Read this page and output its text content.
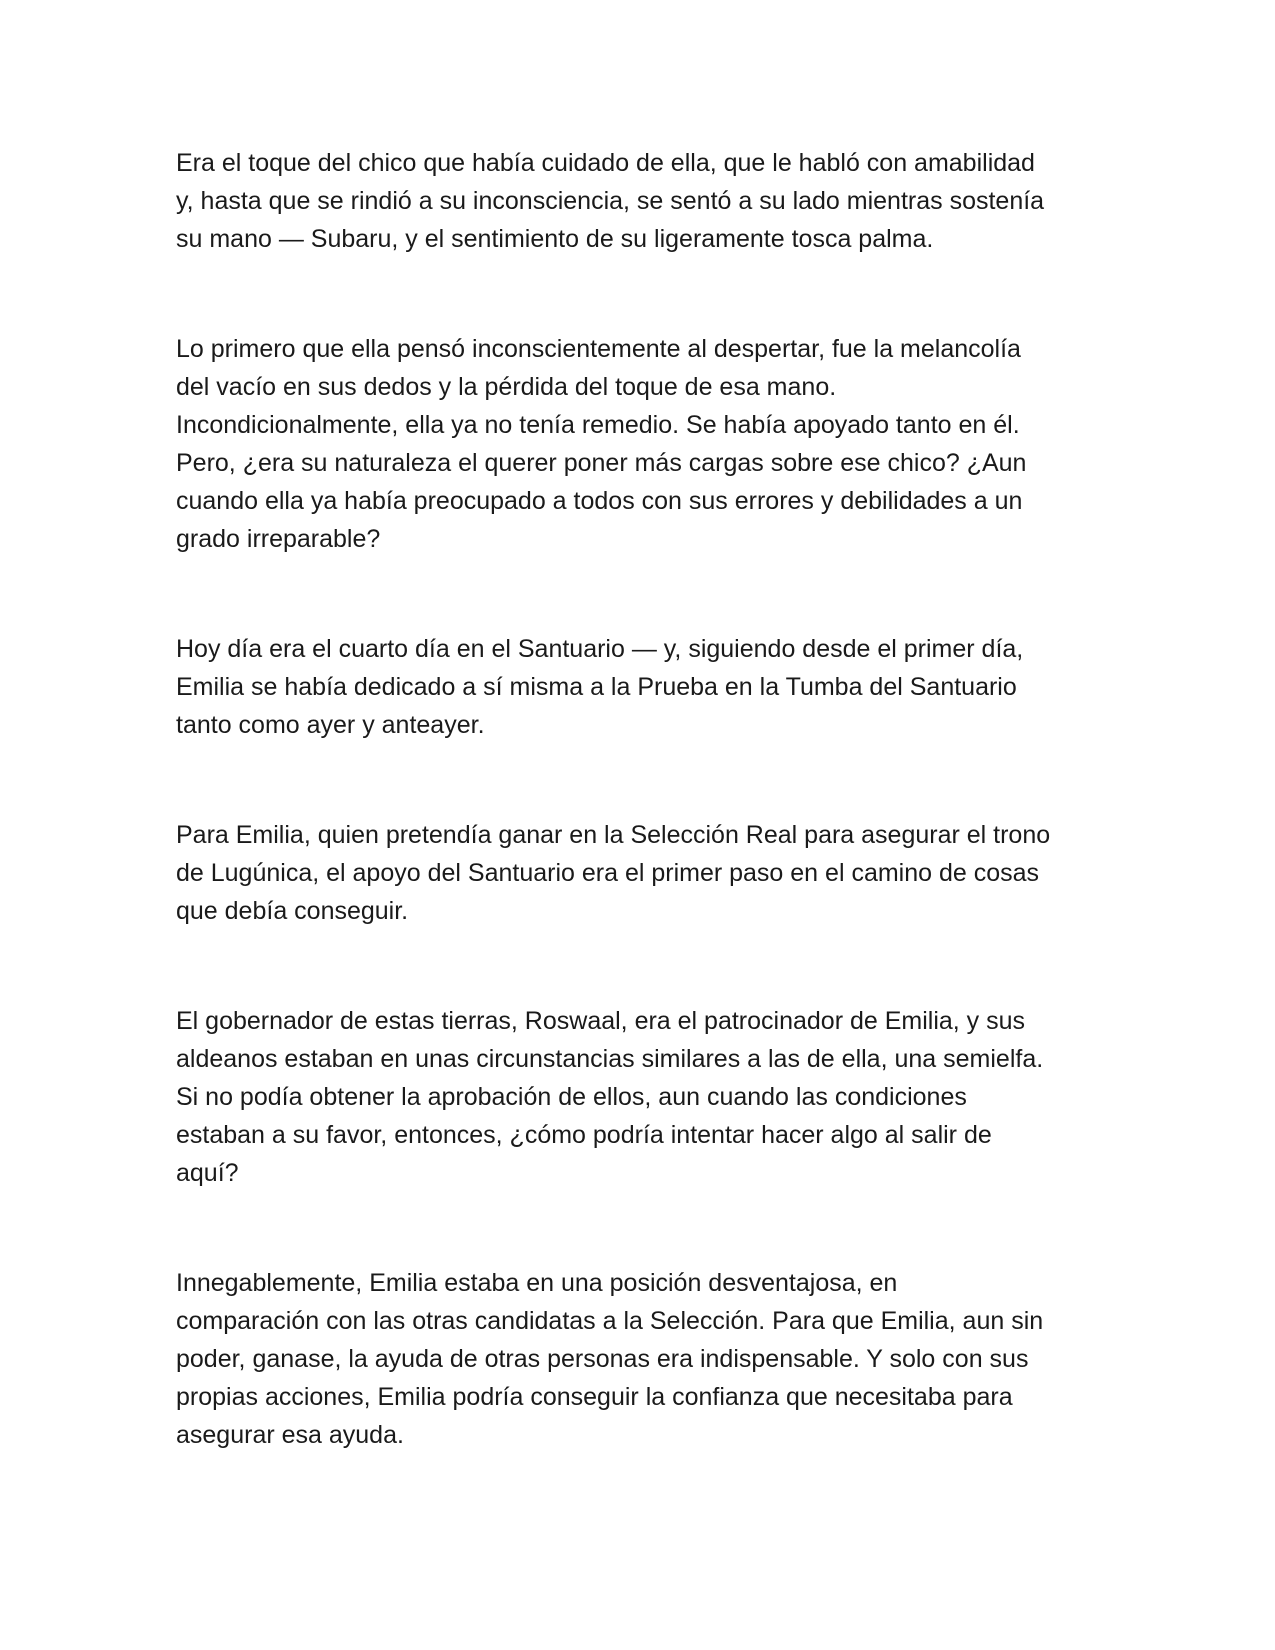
Era el toque del chico que había cuidado de ella, que le habló con amabilidad
y, hasta que se rindió a su inconsciencia, se sentó a su lado mientras sostenía
su mano — Subaru, y el sentimiento de su ligeramente tosca palma.

Lo primero que ella pensó inconscientemente al despertar, fue la melancolía
del vacío en sus dedos y la pérdida del toque de esa mano.
Incondicionalmente, ella ya no tenía remedio. Se había apoyado tanto en él.
Pero, ¿era su naturaleza el querer poner más cargas sobre ese chico? ¿Aun
cuando ella ya había preocupado a todos con sus errores y debilidades a un
grado irreparable?

Hoy día era el cuarto día en el Santuario — y, siguiendo desde el primer día,
Emilia se había dedicado a sí misma a la Prueba en la Tumba del Santuario
tanto como ayer y anteayer.

Para Emilia, quien pretendía ganar en la Selección Real para asegurar el trono
de Lugúnica, el apoyo del Santuario era el primer paso en el camino de cosas
que debía conseguir.

El gobernador de estas tierras, Roswaal, era el patrocinador de Emilia, y sus
aldeanos estaban en unas circunstancias similares a las de ella, una semielfa.
Si no podía obtener la aprobación de ellos, aun cuando las condiciones
estaban a su favor, entonces, ¿cómo podría intentar hacer algo al salir de
aquí?

Innegablemente, Emilia estaba en una posición desventajosa, en
comparación con las otras candidatas a la Selección. Para que Emilia, aun sin
poder, ganase, la ayuda de otras personas era indispensable. Y solo con sus
propias acciones, Emilia podría conseguir la confianza que necesitaba para
asegurar esa ayuda.
